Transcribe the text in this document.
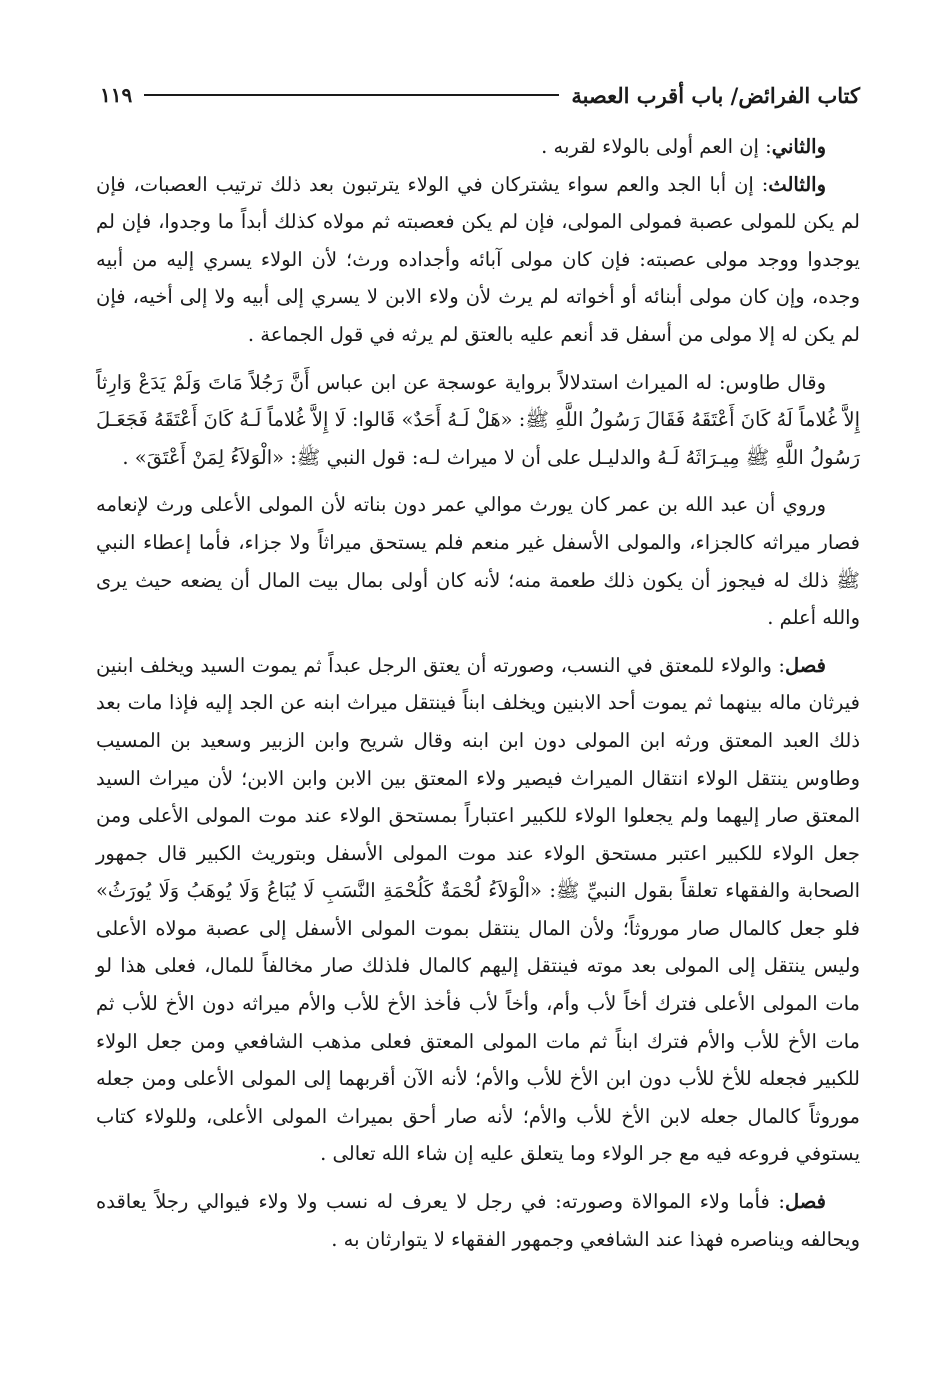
كتاب الفرائض/ باب أقرب العصبة
١١٩

والثاني: إن العم أولى بالولاء لقربه .

والثالث: إن أبا الجد والعم سواء يشتركان في الولاء يترتبون بعد ذلك ترتيب العصبات، فإن لم يكن للمولى عصبة فمولى المولى، فإن لم يكن فعصبته ثم مولاه كذلك أبداً ما وجدوا، فإن لم يوجدوا ووجد مولى عصبته: فإن كان مولى آبائه وأجداده ورث؛ لأن الولاء يسري إليه من أبيه وجده، وإن كان مولى أبنائه أو أخواته لم يرث لأن ولاء الابن لا يسري إلى أبيه ولا إلى أخيه، فإن لم يكن له إلا مولى من أسفل قد أنعم عليه بالعتق لم يرثه في قول الجماعة .

وقال طاوس: له الميراث استدلالاً برواية عوسجة عن ابن عباس أَنَّ رَجُلاً مَاتَ وَلَمْ يَدَعْ وَارِثاً إِلاَّ غُلاماً لَهُ كَانَ أَعْتَقَهُ فَقَالَ رَسُولُ اللَّهِ ﷺ: «هَلْ لَـهُ أَحَدٌ» قَالوا: لَا إِلاَّ غُلاماً لَـهُ كَانَ أَعْتَقَهُ فَجَعَـلَ رَسُولُ اللَّهِ ﷺ مِيـرَاثَهُ لَـهُ والدليـل على أن لا ميراث لـه: قول النبي ﷺ: «الْوَلاَءُ لِمَنْ أَعْتَقَ» .

وروي أن عبد الله بن عمر كان يورث موالي عمر دون بناته لأن المولى الأعلى ورث لإنعامه فصار ميراثه كالجزاء، والمولى الأسفل غير منعم فلم يستحق ميراثاً ولا جزاء، فأما إعطاء النبي ﷺ ذلك له فيجوز أن يكون ذلك طعمة منه؛ لأنه كان أولى بمال بيت المال أن يضعه حيث يرى والله أعلم .

فصل: والولاء للمعتق في النسب، وصورته أن يعتق الرجل عبداً ثم يموت السيد ويخلف ابنين فيرثان ماله بينهما ثم يموت أحد الابنين ويخلف ابناً فينتقل ميراث ابنه عن الجد إليه فإذا مات بعد ذلك العبد المعتق ورثه ابن المولى دون ابن ابنه وقال شريح وابن الزبير وسعيد بن المسيب وطاوس ينتقل الولاء انتقال الميراث فيصير ولاء المعتق بين الابن وابن الابن؛ لأن ميراث السيد المعتق صار إليهما ولم يجعلوا الولاء للكبير اعتباراً بمستحق الولاء عند موت المولى الأعلى ومن جعل الولاء للكبير اعتبر مستحق الولاء عند موت المولى الأسفل وبتوريث الكبير قال جمهور الصحابة والفقهاء تعلقاً بقول النبيِّ ﷺ: «الْوَلاَءُ لُحْمَةٌ كَلُحْمَةِ النَّسَبِ لَا يُبَاعُ وَلَا يُوهَبُ وَلَا يُورَثُ» فلو جعل كالمال صار موروثاً؛ ولأن المال ينتقل بموت المولى الأسفل إلى عصبة مولاه الأعلى وليس ينتقل إلى المولى بعد موته فينتقل إليهم كالمال فلذلك صار مخالفاً للمال، فعلى هذا لو مات المولى الأعلى فترك أخاً لأب وأم، وأخاً لأب فأخذ الأخ للأب والأم ميراثه دون الأخ للأب ثم مات الأخ للأب والأم فترك ابناً ثم مات المولى المعتق فعلى مذهب الشافعي ومن جعل الولاء للكبير فجعله للأخ للأب دون ابن الأخ للأب والأم؛ لأنه الآن أقربهما إلى المولى الأعلى ومن جعله موروثاً كالمال جعله لابن الأخ للأب والأم؛ لأنه صار أحق بميراث المولى الأعلى، وللولاء كتاب يستوفي فروعه فيه مع جر الولاء وما يتعلق عليه إن شاء الله تعالى .

فصل: فأما ولاء الموالاة وصورته: في رجل لا يعرف له نسب ولا ولاء فيوالي رجلاً يعاقده ويحالفه ويناصره فهذا عند الشافعي وجمهور الفقهاء لا يتوارثان به .
